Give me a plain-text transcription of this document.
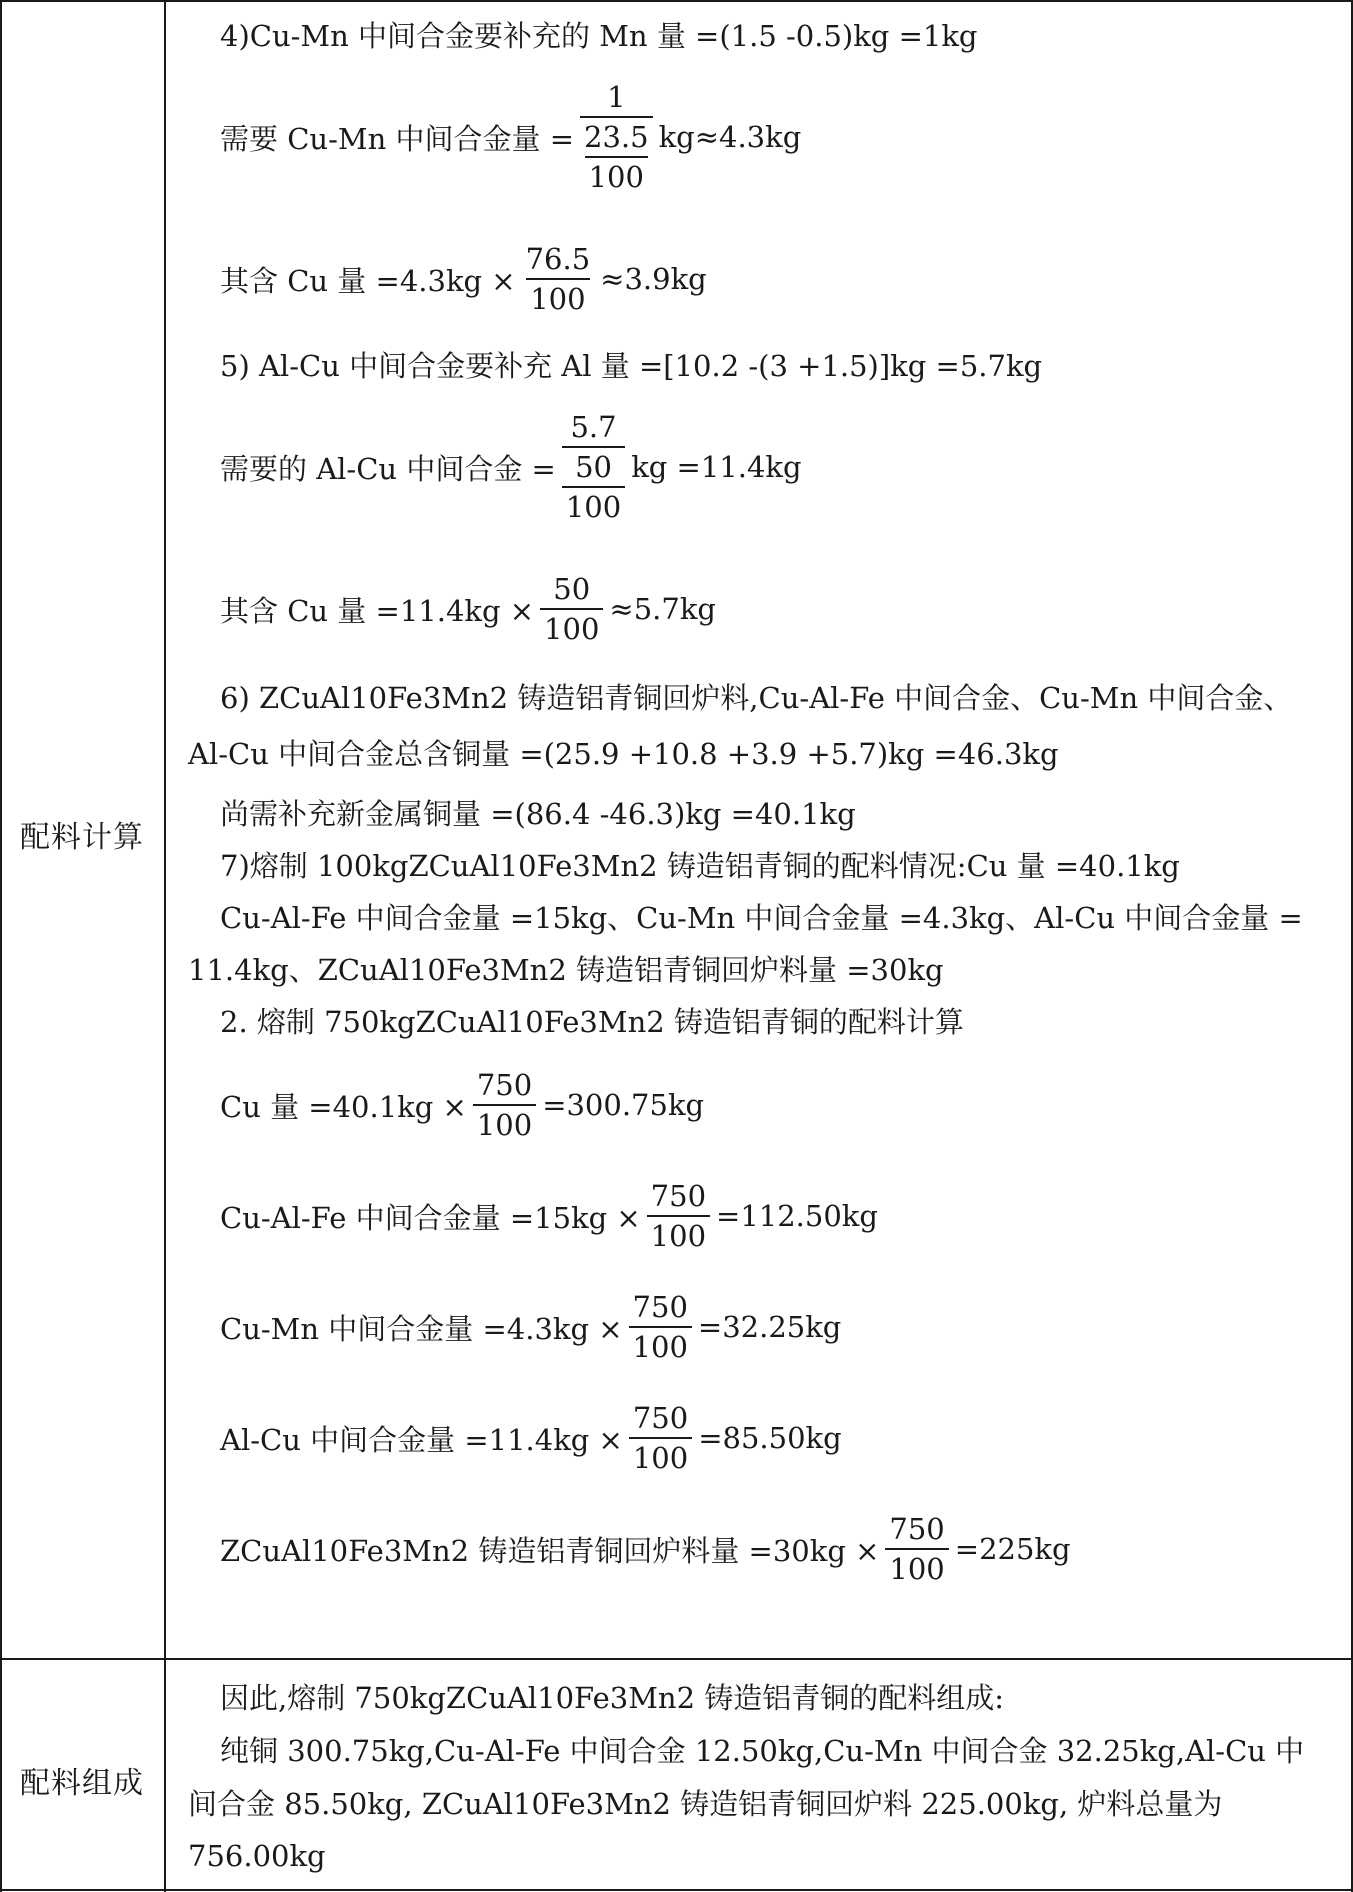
配料计算
配料组成
4)Cu-Mn 中间合金要补充的 Mn 量 =(1.5 -0.5)kg =1kg
需要 Cu-Mn 中间合金量 = $\frac{1}{\frac{23.5}{100}} kg\approx 4.3kg$
其含 Cu 量 $=4.3kg \times \frac{76.5}{100} \approx 3.9kg$
5) Al-Cu 中间合金要补充 Al 量 =[10.2 -(3 +1.5)]kg =5.7kg
需要的 Al-Cu 中间合金 = $\frac{5.7}{\frac{50}{100}}$ kg =11.4kg
其含 Cu 量 $=11.4kg \times \frac{50}{100} \approx 5.7kg$
6) ZCuAl10Fe3Mn2 铸造铝青铜回炉料,Cu-Al-Fe 中间合金、Cu-Mn 中间合金、
Al-Cu 中间合金总含铜量 =(25.9 +10.8 +3.9 +5.7)kg =46.3kg
尚需补充新金属铜量 =(86.4 -46.3)kg =40.1kg
7)熔制 100kgZCuAl10Fe3Mn2 铸造铝青铜的配料情况:Cu 量 =40.1kg
Cu-Al-Fe 中间合金量 =15kg、Cu-Mn 中间合金量 =4.3kg、Al-Cu 中间合金量 =
11.4kg、ZCuAl10Fe3Mn2 铸造铝青铜回炉料量 =30kg
2. 熔制 750kgZCuAl10Fe3Mn2 铸造铝青铜的配料计算
Cu 量 $=40.1kg \times \frac{750}{100} =300.75kg$
Cu-Al-Fe 中间合金量 $=15kg \times \frac{750}{100} =112.50kg$
Cu-Mn 中间合金量 $=4.3kg \times \frac{750}{100} =32.25kg$
Al-Cu 中间合金量 $=11.4kg \times \frac{750}{100} =85.50kg$
ZCuAl10Fe3Mn2 铸造铝青铜回炉料量 $=30kg \times \frac{750}{100} =225kg$
因此,熔制 750kgZCuAl10Fe3Mn2 铸造铝青铜的配料组成:
纯铜 300.75kg,Cu-Al-Fe 中间合金 12.50kg,Cu-Mn 中间合金 32.25kg,Al-Cu 中
间合金 85.50kg, ZCuAl10Fe3Mn2 铸造铝青铜回炉料 225.00kg, 炉料总量为
756.00kg
